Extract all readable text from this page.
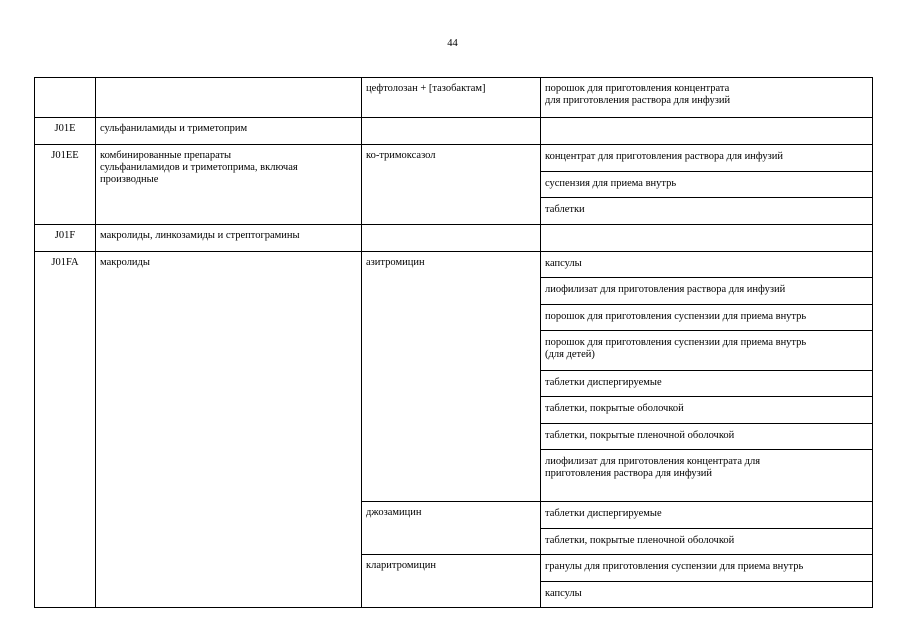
44
		цефтолозан + [тазобактам]	порошок для приготовления концентрата
для приготовления раствора для инфузий
J01E	сульфаниламиды и триметоприм		
J01EE	комбинированные препараты
сульфаниламидов и триметоприма, включая
производные	ко-тримоксазол	концентрат для приготовления раствора для инфузий
			суспензия для приема внутрь
			таблетки
J01F	макролиды, линкозамиды и стрептограмины		
J01FA	макролиды	азитромицин	капсулы
			лиофилизат для приготовления раствора для инфузий
			порошок для приготовления суспензии для приема внутрь
			порошок для приготовления суспензии для приема внутрь
(для детей)
			таблетки диспергируемые
			таблетки, покрытые оболочкой
			таблетки, покрытые пленочной оболочкой
			лиофилизат для приготовления концентрата для
приготовления раствора для инфузий
		джозамицин	таблетки диспергируемые
			таблетки, покрытые пленочной оболочкой
		кларитромицин	гранулы для приготовления суспензии для приема внутрь
			капсулы
